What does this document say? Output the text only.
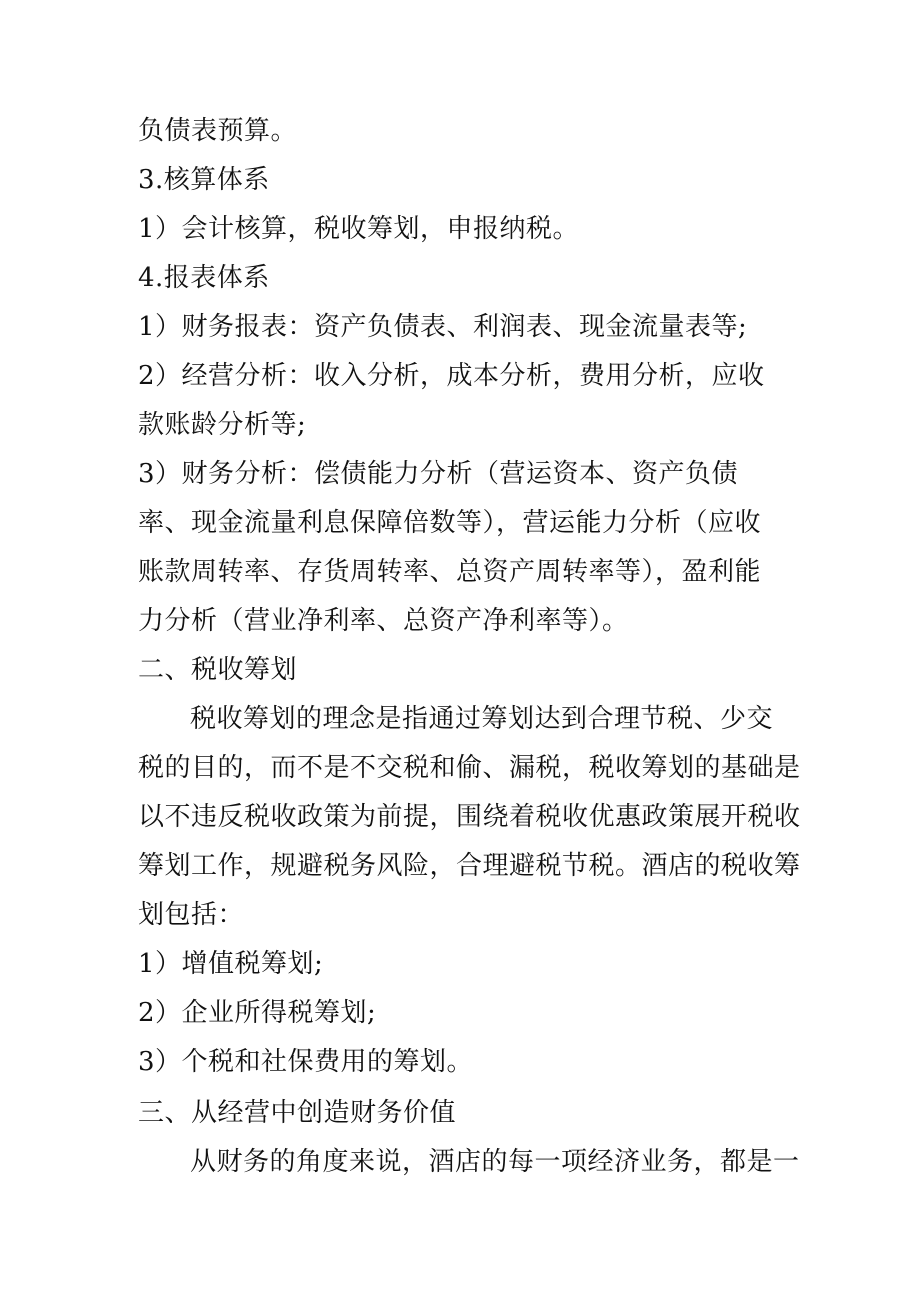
负债表预算。
3.核算体系
1）会计核算，税收筹划，申报纳税。
4.报表体系
1）财务报表：资产负债表、利润表、现金流量表等;
2）经营分析：收入分析，成本分析，费用分析，应收
款账龄分析等;
3）财务分析：偿债能力分析（营运资本、资产负债
率、现金流量利息保障倍数等），营运能力分析（应收
账款周转率、存货周转率、总资产周转率等），盈利能
力分析（营业净利率、总资产净利率等）。
二、税收筹划
税收筹划的理念是指通过筹划达到合理节税、少交
税的目的，而不是不交税和偷、漏税，税收筹划的基础是
以不违反税收政策为前提，围绕着税收优惠政策展开税收
筹划工作，规避税务风险，合理避税节税。酒店的税收筹
划包括：
1）增值税筹划;
2）企业所得税筹划;
3）个税和社保费用的筹划。
三、从经营中创造财务价值
从财务的角度来说，酒店的每一项经济业务，都是一
